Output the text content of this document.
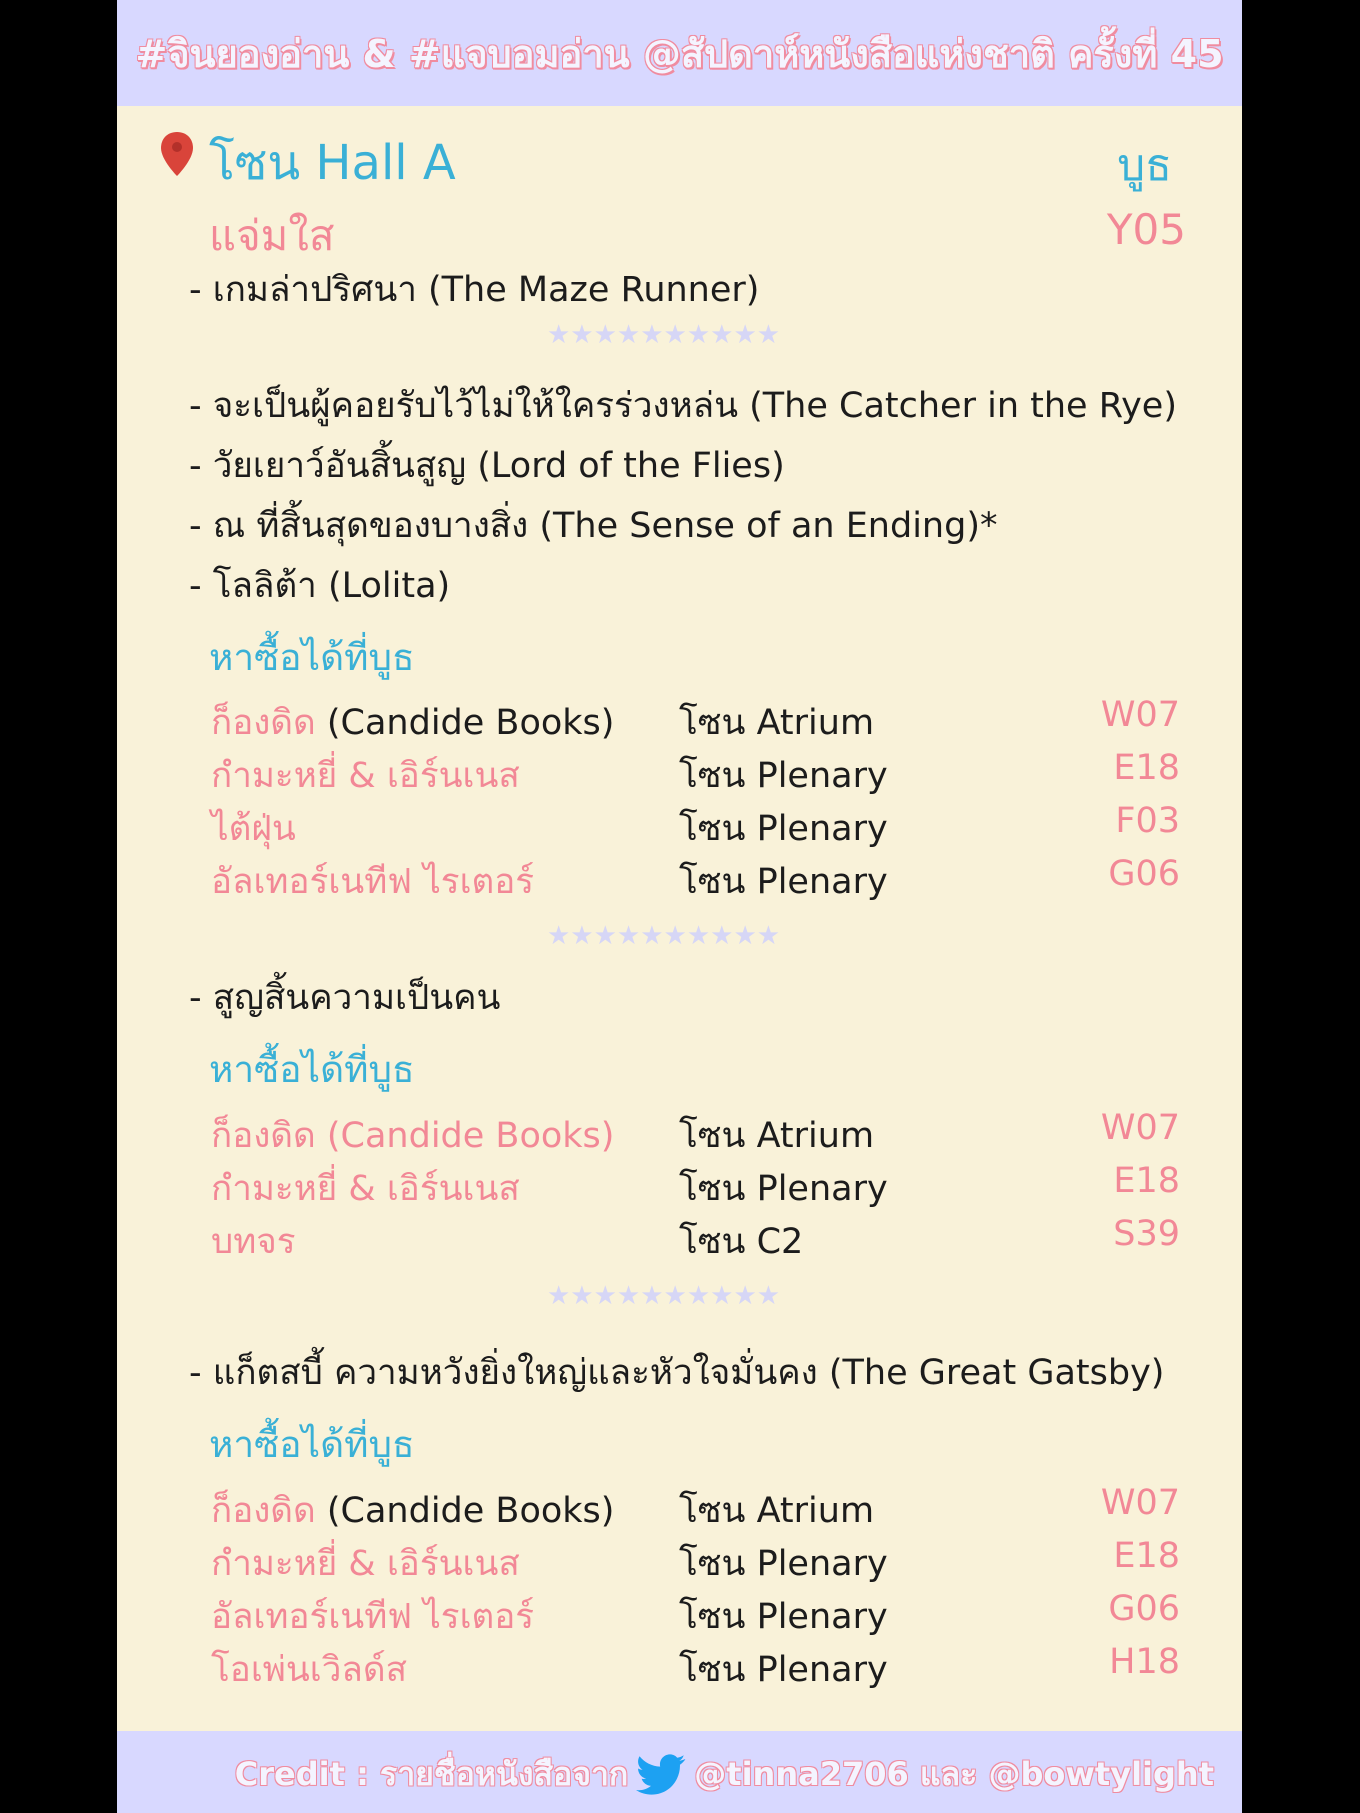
#จินยองอ่าน & #แจบอมอ่าน @สัปดาห์หนังสือแห่งชาติ ครั้งที่ 45
โซน Hall A	บูธ
แจ่มใส	Y05
- เกมล่าปริศนา (The Maze Runner)
★★★★★★★★★★
- จะเป็นผู้คอยรับไว้ไม่ให้ใครร่วงหล่น (The Catcher in the Rye)
- วัยเยาว์อันสิ้นสูญ (Lord of the Flies)
- ณ ที่สิ้นสุดของบางสิ่ง (The Sense of an Ending)*
- โลลิต้า (Lolita)
หาซื้อได้ที่บูธ
ก็องดิด (Candide Books) โซน Atrium	W07
กำมะหยี่ & เอิร์นเนส	โซน Plenary	E18
ไต้ฝุ่น	โซน Plenary	F03
อัลเทอร์เนทีฟ ไรเตอร์	โซน Plenary	G06
★★★★★★★★★★
- สูญสิ้นความเป็นคน
หาซื้อได้ที่บูธ
ก็องดิด (Candide Books) โซน Atrium	W07
กำมะหยี่ & เอิร์นเนส	โซน Plenary	E18
บทจร	โซน C2	S39
★★★★★★★★★★
- แก็ตสบี้ ความหวังยิ่งใหญ่และหัวใจมั่นคง (The Great Gatsby)
หาซื้อได้ที่บูธ
ก็องดิด (Candide Books) โซน Atrium	W07
กำมะหยี่ & เอิร์นเนส	โซน Plenary	E18
อัลเทอร์เนทีฟ ไรเตอร์	โซน Plenary	G06
โอเพ่นเวิลด์ส	โซน Plenary	H18
Credit : รายชื่อหนังสือจาก @tinna2706 และ @bowtylight
